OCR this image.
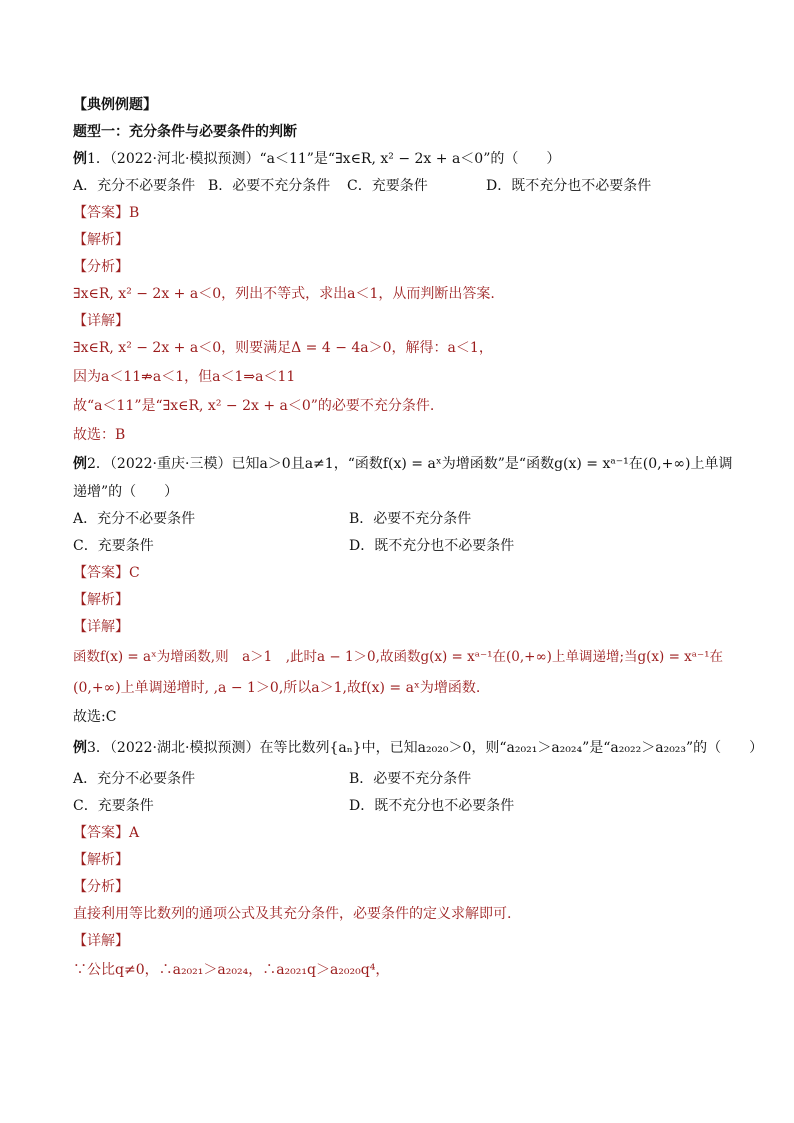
【典例例题】
题型一：充分条件与必要条件的判断
例1．（2022·河北·模拟预测）“a＜11”是“∃x∈R, x² − 2x + a＜0”的（　　）
A．充分不必要条件 B．必要不充分条件 C．充要条件	D．既不充分也不必要条件
【答案】B
【解析】
【分析】
∃x∈R, x² − 2x + a＜0，列出不等式，求出a＜1，从而判断出答案.
【详解】
∃x∈R, x² − 2x + a＜0，则要满足Δ = 4 − 4a＞0，解得：a＜1，
因为a＜11⇏a＜1，但a＜1⇒a＜11
故“a＜11”是“∃x∈R, x² − 2x + a＜0”的必要不充分条件.
故选：B
例2．（2022·重庆·三模）已知a＞0且a≠1，“函数f(x) = aˣ为增函数”是“函数g(x) = xᵃ⁻¹在(0,+∞)上单调
递增”的（　　）
A．充分不必要条件	B．必要不充分条件
C．充要条件	D．既不充分也不必要条件
【答案】C
【解析】
【详解】
函数f(x) = aˣ为增函数,则　a＞1　,此时a − 1＞0,故函数g(x) = xᵃ⁻¹在(0,+∞)上单调递增;当g(x) = xᵃ⁻¹在
(0,+∞)上单调递增时, ,a − 1＞0,所以a＞1,故f(x) = aˣ为增函数.
故选:C
例3．（2022·湖北·模拟预测）在等比数列{aₙ}中，已知a₂₀₂₀＞0，则“a₂₀₂₁＞a₂₀₂₄”是“a₂₀₂₂＞a₂₀₂₃”的（　　）
A．充分不必要条件	B．必要不充分条件
C．充要条件	D．既不充分也不必要条件
【答案】A
【解析】
【分析】
直接利用等比数列的通项公式及其充分条件，必要条件的定义求解即可.
【详解】
∵公比q≠0，∴a₂₀₂₁＞a₂₀₂₄，∴a₂₀₂₁q＞a₂₀₂₀q⁴，
